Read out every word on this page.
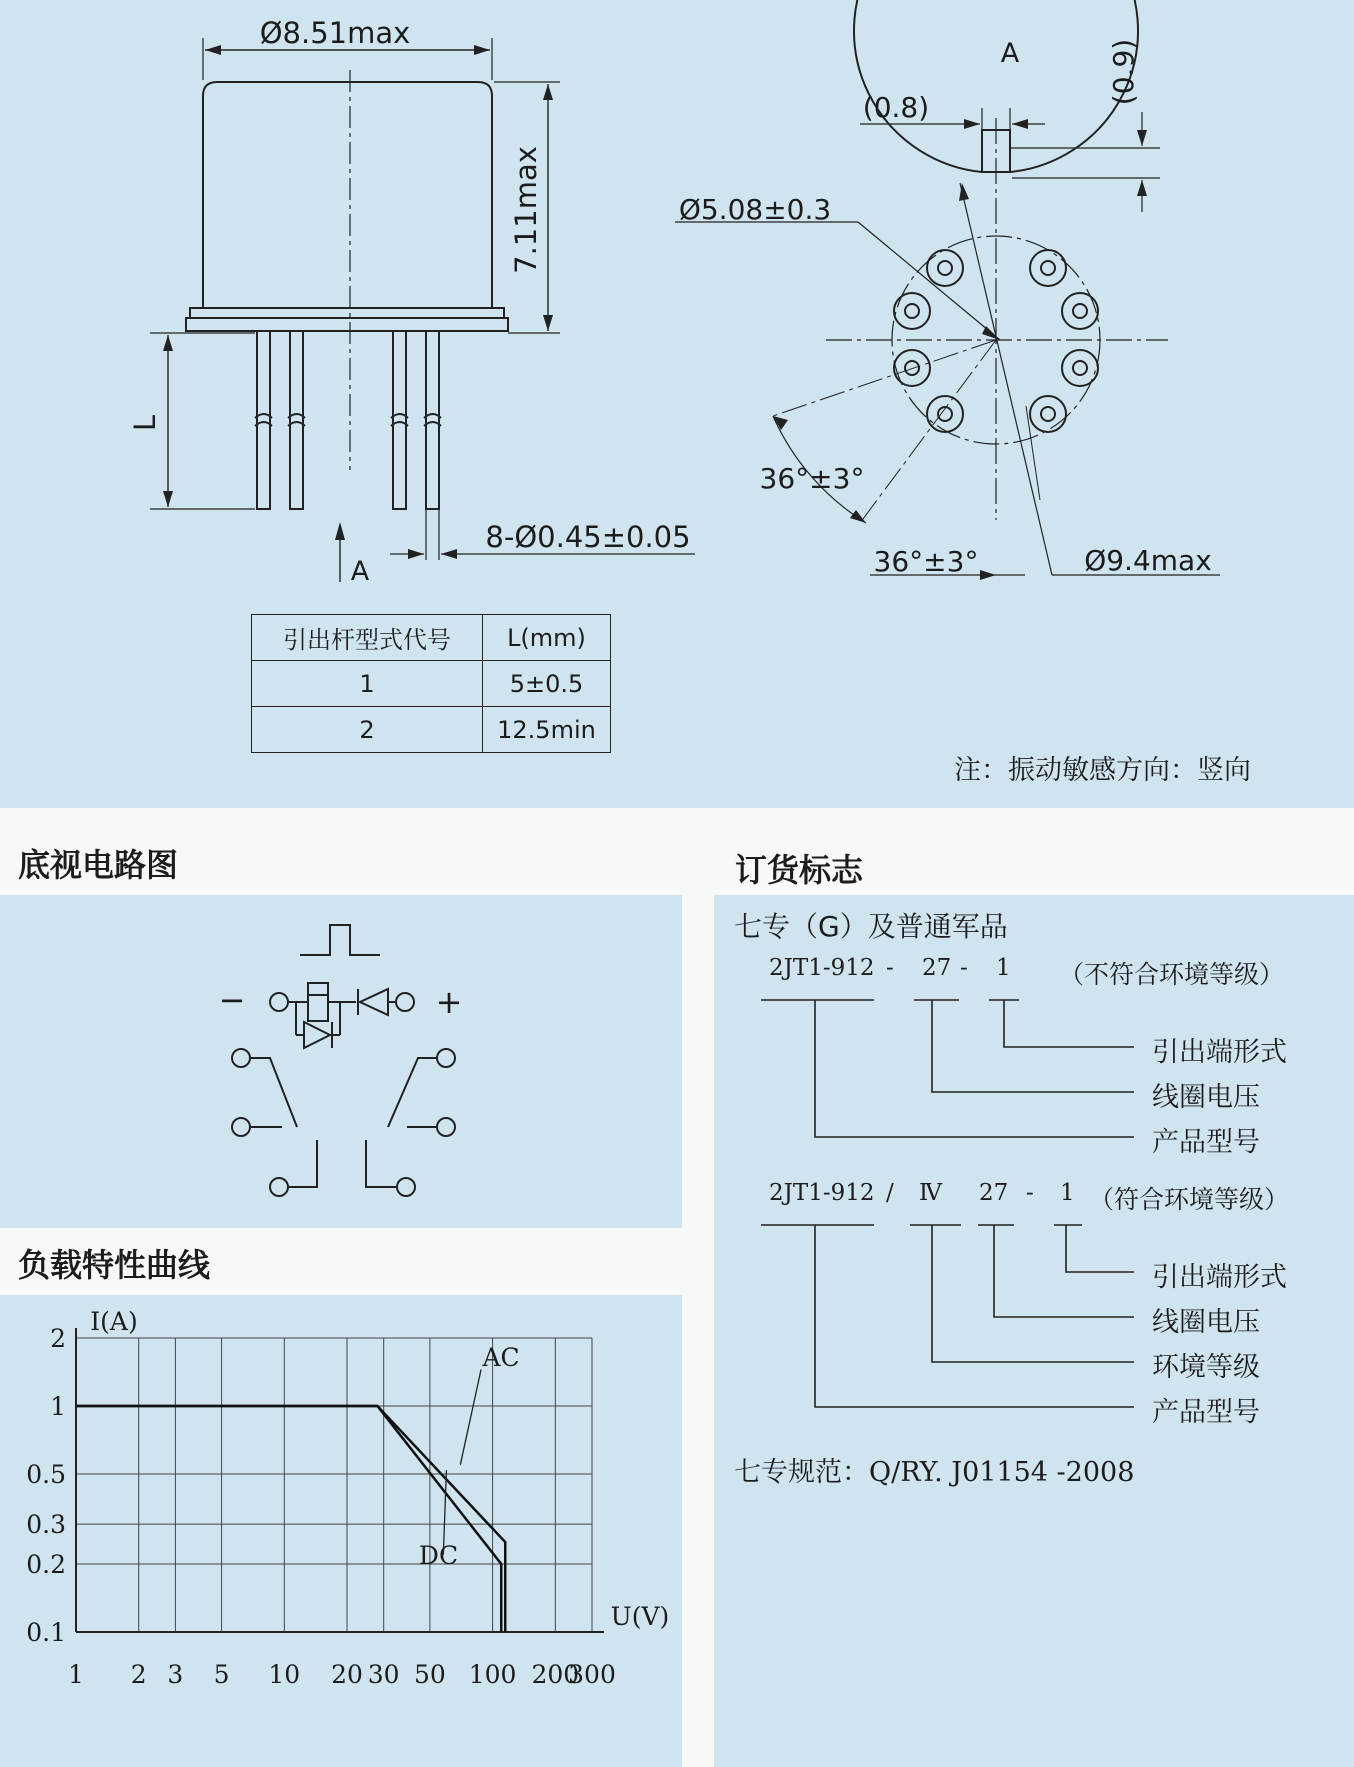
Ø8.51max
7.11max
L
8-Ø0.45±0.05
A
A
(0.8)
(0.9)
Ø5.08±0.3
36°±3°
36°±3°	Ø9.4max
引出杆型式代号	L(mm)
1	5±0.5
2	12.5min
注：振动敏感方向：竖向
底视电路图	订货标志
−	+
负载特性曲线
1 2 3 5 10 20 30 50 100 200
300
2
1
0.5
0.3
0.2
0.1
I(A)
U(V)
AC
DC
七专（G）及普通军品
2JT1-912 - 27 - 1 （不符合环境等级）
引出端形式
线圈电压
产品型号
2JT1-912 / Ⅳ 27 - 1 （符合环境等级）
引出端形式
线圈电压
环境等级
产品型号
七专规范：Q/RY. J01154 -2008
